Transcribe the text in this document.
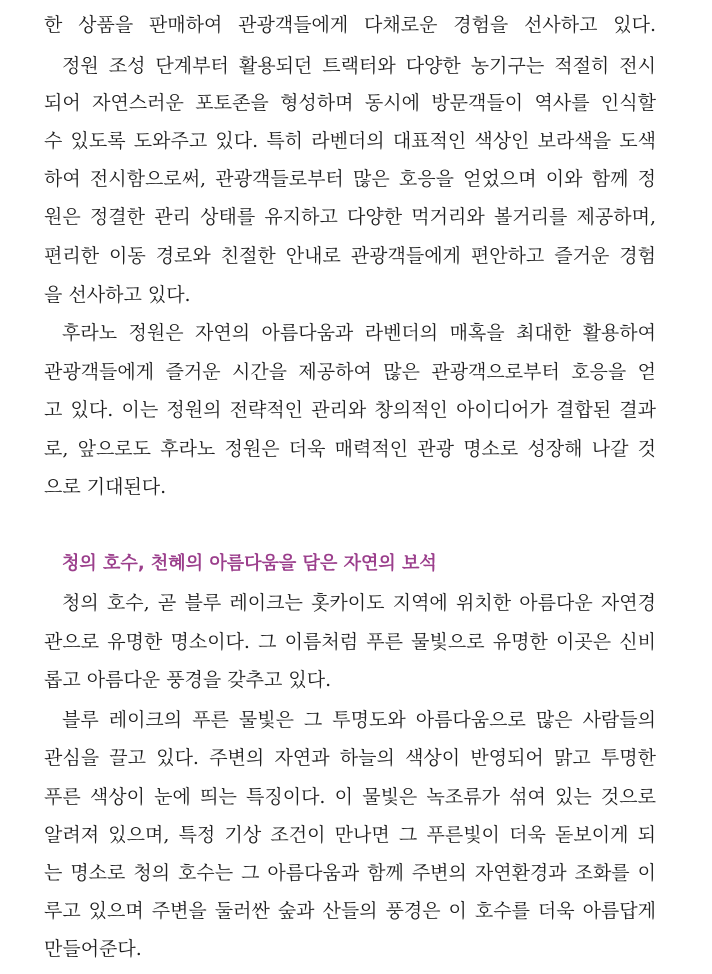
한 상품을 판매하여 관광객들에게 다채로운 경험을 선사하고 있다.
정원 조성 단계부터 활용되던 트랙터와 다양한 농기구는 적절히 전시
되어 자연스러운 포토존을 형성하며 동시에 방문객들이 역사를 인식할
수 있도록 도와주고 있다. 특히 라벤더의 대표적인 색상인 보라색을 도색
하여 전시함으로써, 관광객들로부터 많은 호응을 얻었으며 이와 함께 정
원은 정결한 관리 상태를 유지하고 다양한 먹거리와 볼거리를 제공하며,
편리한 이동 경로와 친절한 안내로 관광객들에게 편안하고 즐거운 경험
을 선사하고 있다.
후라노 정원은 자연의 아름다움과 라벤더의 매혹을 최대한 활용하여
관광객들에게 즐거운 시간을 제공하여 많은 관광객으로부터 호응을 얻
고 있다. 이는 정원의 전략적인 관리와 창의적인 아이디어가 결합된 결과
로, 앞으로도 후라노 정원은 더욱 매력적인 관광 명소로 성장해 나갈 것
으로 기대된다.
청의 호수, 천혜의 아름다움을 담은 자연의 보석
청의 호수, 곧 블루 레이크는 홋카이도 지역에 위치한 아름다운 자연경
관으로 유명한 명소이다. 그 이름처럼 푸른 물빛으로 유명한 이곳은 신비
롭고 아름다운 풍경을 갖추고 있다.
블루 레이크의 푸른 물빛은 그 투명도와 아름다움으로 많은 사람들의
관심을 끌고 있다. 주변의 자연과 하늘의 색상이 반영되어 맑고 투명한
푸른 색상이 눈에 띄는 특징이다. 이 물빛은 녹조류가 섞여 있는 것으로
알려져 있으며, 특정 기상 조건이 만나면 그 푸른빛이 더욱 돋보이게 되
는 명소로 청의 호수는 그 아름다움과 함께 주변의 자연환경과 조화를 이
루고 있으며 주변을 둘러싼 숲과 산들의 풍경은 이 호수를 더욱 아름답게
만들어준다.
